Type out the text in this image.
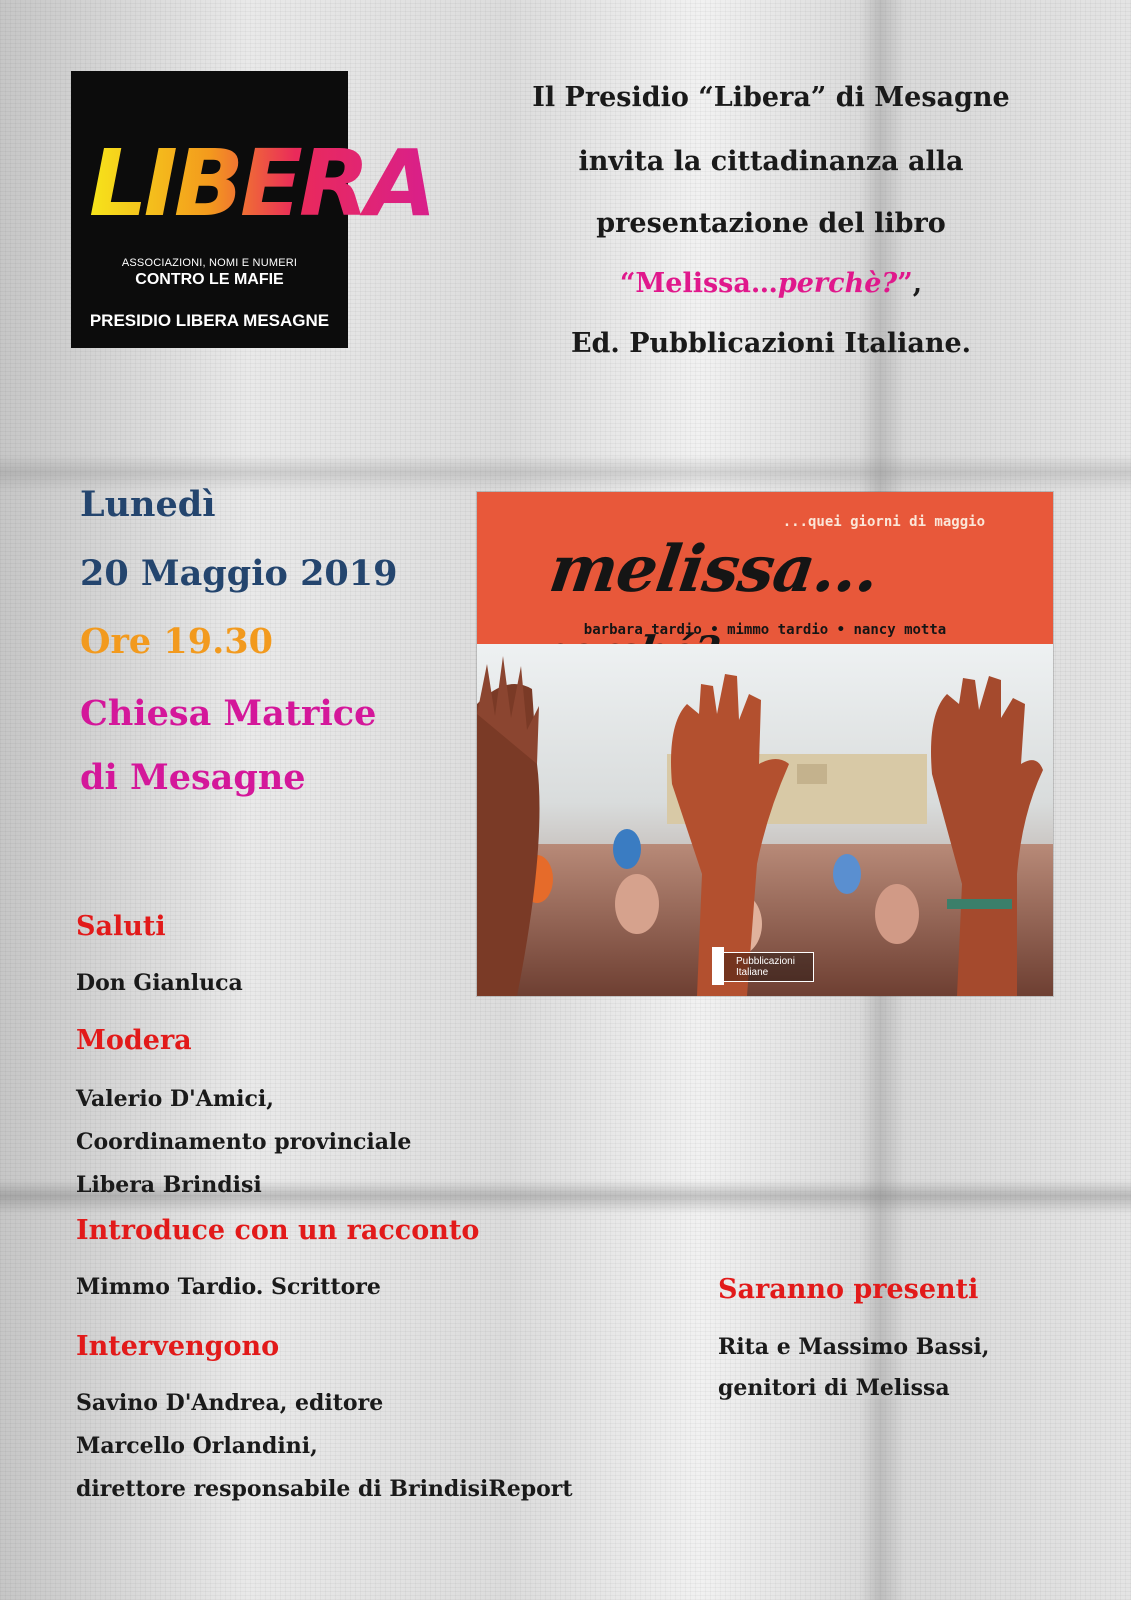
LIBERA
ASSOCIAZIONI, NOMI E NUMERI
CONTRO LE MAFIE
PRESIDIO LIBERA MESAGNE
Il Presidio “Libera” di Mesagne
invita la cittadinanza alla
presentazione del libro
“Melissa…perchè?”,
Ed. Pubblicazioni Italiane.
Lunedì
20 Maggio 2019
Ore 19.30
Chiesa Matrice
di Mesagne
...quei giorni di maggio
melissa...
barbara tardio • mimmo tardio • nancy motta
Pubblicazioni
Italiane
Saluti
Don Gianluca
Modera
Valerio D'Amici,
Coordinamento provinciale
Libera Brindisi
Introduce con un racconto
Mimmo Tardio. Scrittore
Intervengono
Savino D'Andrea, editore
Marcello Orlandini,
direttore responsabile di BrindisiReport
Saranno presenti
Rita e Massimo Bassi,
genitori di Melissa
